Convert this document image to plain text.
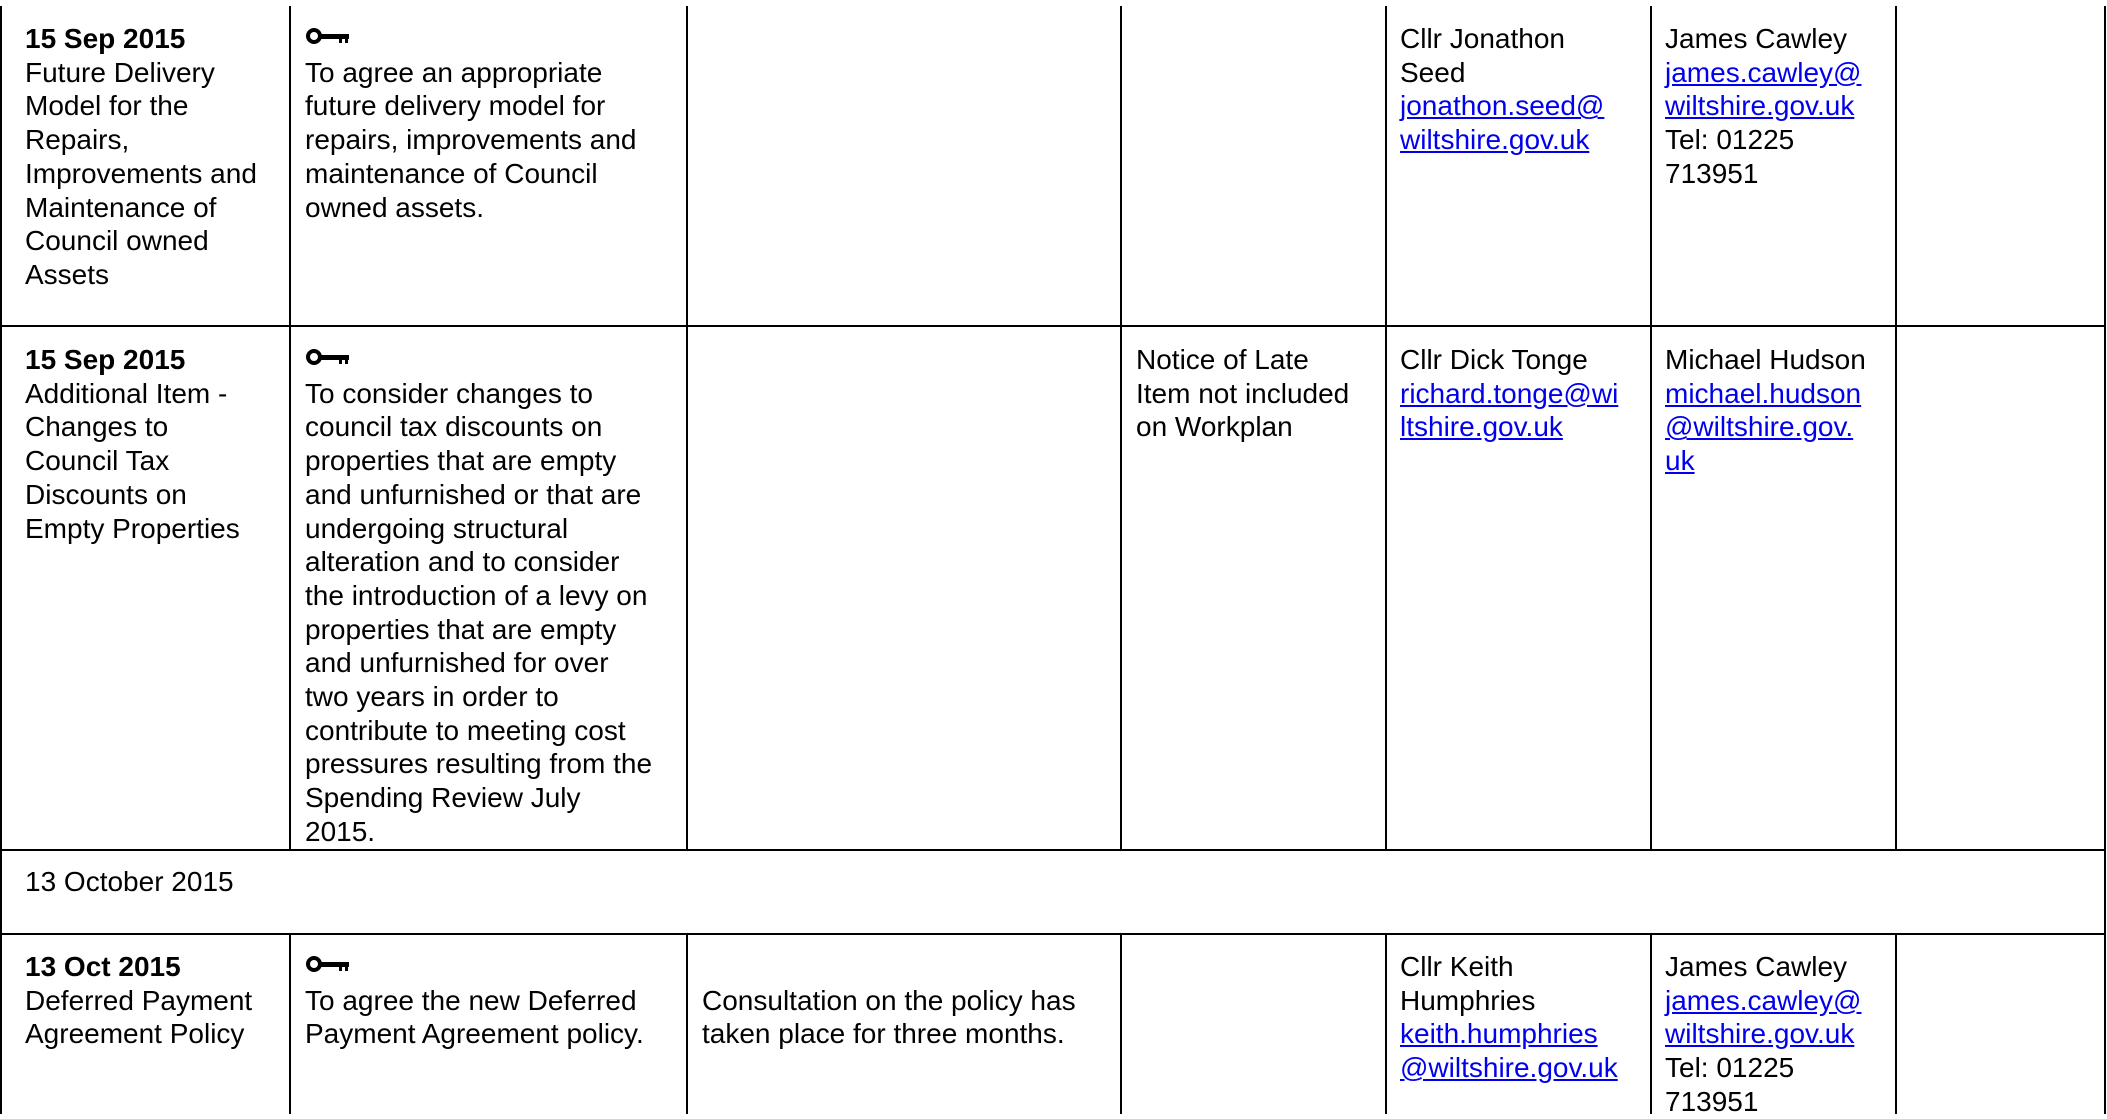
15 Sep 2015
Future Delivery
Model for the
Repairs,
Improvements and
Maintenance of
Council owned
Assets
To agree an appropriate
future delivery model for
repairs, improvements and
maintenance of Council
owned assets.
Cllr Jonathon
Seed
jonathon.seed@
wiltshire.gov.uk
James Cawley
james.cawley@
wiltshire.gov.uk
Tel: 01225
713951
15 Sep 2015
Additional Item -
Changes to
Council Tax
Discounts on
Empty Properties
To consider changes to
council tax discounts on
properties that are empty
and unfurnished or that are
undergoing structural
alteration and to consider
the introduction of a levy on
properties that are empty
and unfurnished for over
two years in order to
contribute to meeting cost
pressures resulting from the
Spending Review July
2015.
Notice of Late
Item not included
on Workplan
Cllr Dick Tonge
richard.tonge@wi
ltshire.gov.uk
Michael Hudson
michael.hudson
@wiltshire.gov.
uk
13 October 2015
13 Oct 2015
Deferred Payment
Agreement Policy
To agree the new Deferred
Payment Agreement policy.
Consultation on the policy has
taken place for three months.
Cllr Keith
Humphries
keith.humphries
@wiltshire.gov.uk
James Cawley
james.cawley@
wiltshire.gov.uk
Tel: 01225
713951
